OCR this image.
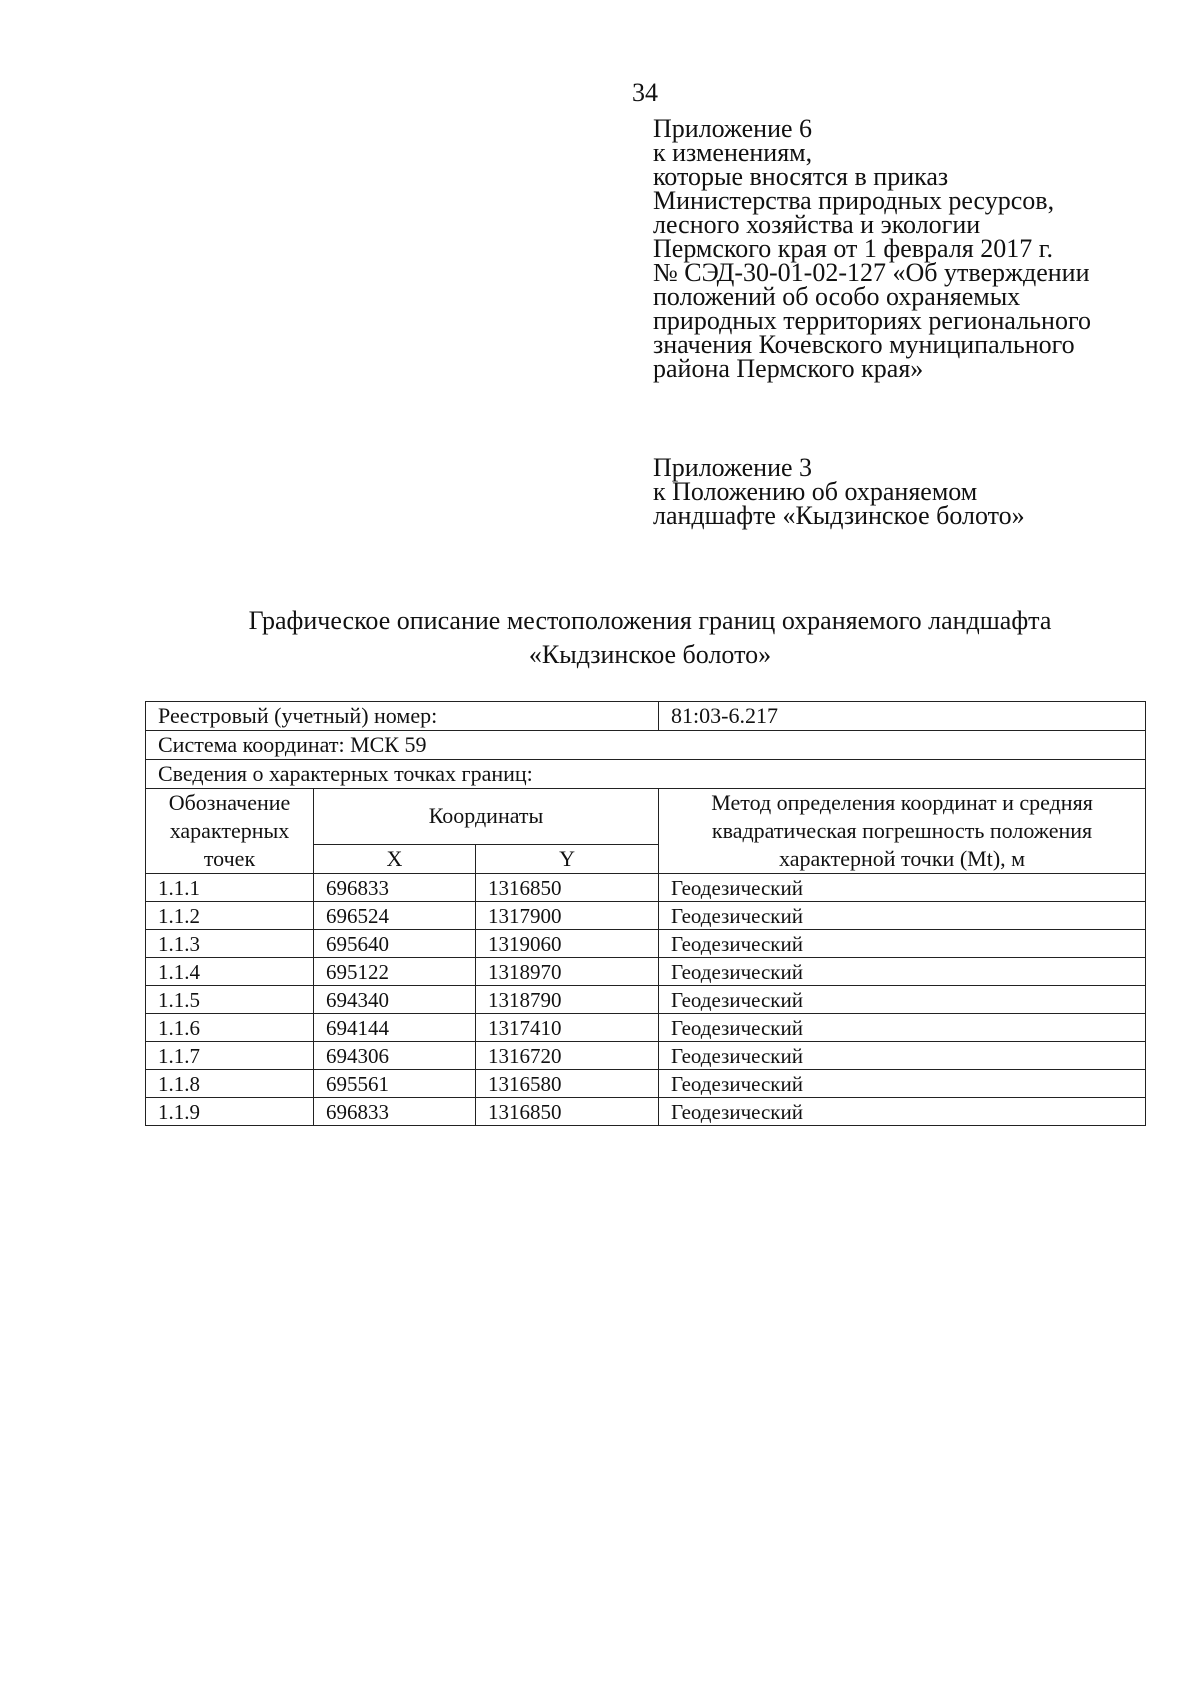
34
Приложение 6
к изменениям,
которые вносятся в приказ
Министерства природных ресурсов,
лесного хозяйства и экологии
Пермского края от 1 февраля 2017 г.
№ СЭД-30-01-02-127 «Об утверждении
положений об особо охраняемых
природных территориях регионального
значения Кочевского муниципального
района Пермского края»
Приложение 3
к Положению об охраняемом
ландшафте «Кыдзинское болото»
Графическое описание местоположения границ охраняемого ландшафта
«Кыдзинское болото»
Реестровый (учетный) номер:			81:03-6.217
Система координат: МСК 59			
Сведения о характерных точках границ:			
Обозначение характерных точек	Координаты		Метод определения координат и средняя квадратическая погрешность положения характерной точки (Mt), м
	X	Y	
1.1.1	696833	1316850	Геодезический
1.1.2	696524	1317900	Геодезический
1.1.3	695640	1319060	Геодезический
1.1.4	695122	1318970	Геодезический
1.1.5	694340	1318790	Геодезический
1.1.6	694144	1317410	Геодезический
1.1.7	694306	1316720	Геодезический
1.1.8	695561	1316580	Геодезический
1.1.9	696833	1316850	Геодезический
